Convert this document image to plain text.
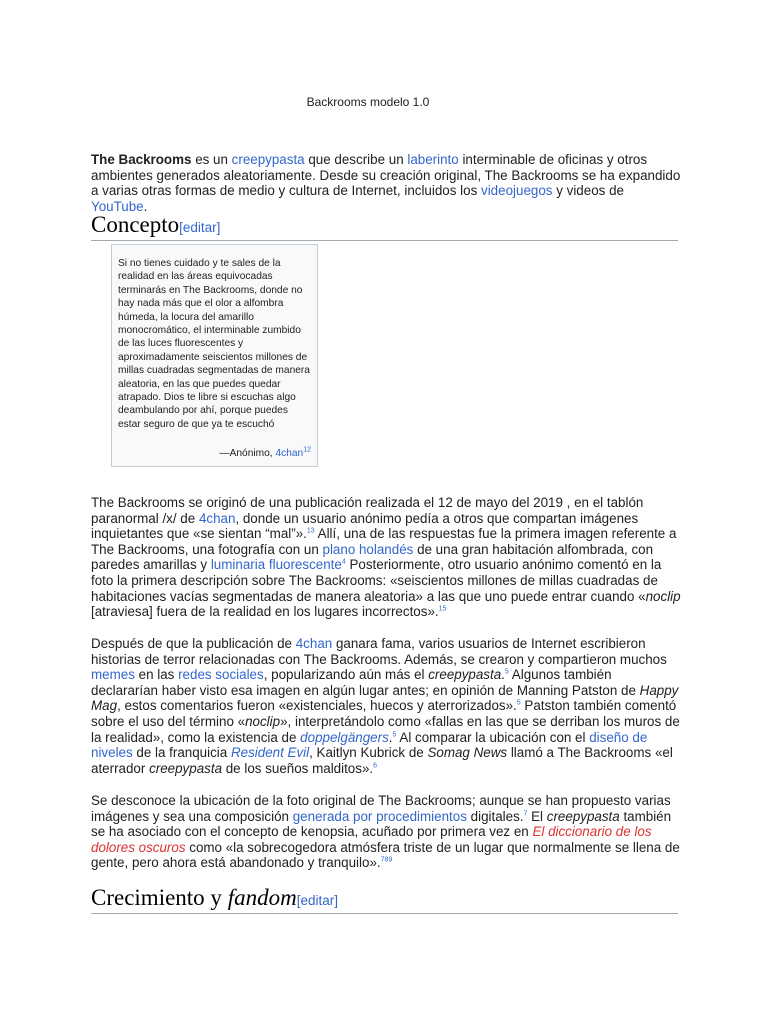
Backrooms modelo 1.0

The Backrooms es un creepypasta que describe un laberinto interminable de oficinas y otros ambientes generados aleatoriamente. Desde su creación original, The Backrooms se ha expandido a varias otras formas de medio y cultura de Internet, incluidos los videojuegos y videos de YouTube.

Concepto[editar]

Si no tienes cuidado y te sales de la realidad en las áreas equivocadas terminarás en The Backrooms, donde no hay nada más que el olor a alfombra húmeda, la locura del amarillo monocromático, el interminable zumbido de las luces fluorescentes y aproximadamente seiscientos millones de millas cuadradas segmentadas de manera aleatoria, en las que puedes quedar atrapado. Dios te libre si escuchas algo deambulando por ahí, porque puedes estar seguro de que ya te escuchó

—Anónimo, 4chan$^{12}$

The Backrooms se originó de una publicación realizada el 12 de mayo del 2019 , en el tablón paranormal /x/ de 4chan, donde un usuario anónimo pedía a otros que compartan imágenes inquietantes que «se sientan “mal”».$^{13}$ Allí, una de las respuestas fue la primera imagen referente a The Backrooms, una fotografía con un plano holandés de una gran habitación alfombrada, con paredes amarillas y luminaria fluorescente$^4$ Posteriormente, otro usuario anónimo comentó en la foto la primera descripción sobre The Backrooms: «seiscientos millones de millas cuadradas de habitaciones vacías segmentadas de manera aleatoria» a las que uno puede entrar cuando «noclip [atraviesa] fuera de la realidad en los lugares incorrectos».$^{15}$

Después de que la publicación de 4chan ganara fama, varios usuarios de Internet escribieron historias de terror relacionadas con The Backrooms. Además, se crearon y compartieron muchos memes en las redes sociales, popularizando aún más el creepypasta.$^5$ Algunos también declararían haber visto esa imagen en algún lugar antes; en opinión de Manning Patston de Happy Mag, estos comentarios fueron «existenciales, huecos y aterrorizados».$^5$ Patston también comentó sobre el uso del término «noclip», interpretándolo como «fallas en las que se derriban los muros de la realidad», como la existencia de doppelgängers.$^5$ Al comparar la ubicación con el diseño de niveles de la franquicia Resident Evil, Kaitlyn Kubrick de Somag News llamó a The Backrooms «el aterrador creepypasta de los sueños malditos».$^6$

Se desconoce la ubicación de la foto original de The Backrooms; aunque se han propuesto varias imágenes y sea una composición generada por procedimientos digitales.$^7$ El creepypasta también se ha asociado con el concepto de kenopsia, acuñado por primera vez en El diccionario de los dolores oscuros como «la sobrecogedora atmósfera triste de un lugar que normalmente se llena de gente, pero ahora está abandonado y tranquilo».$^{789}$

Crecimiento y fandom[editar]
